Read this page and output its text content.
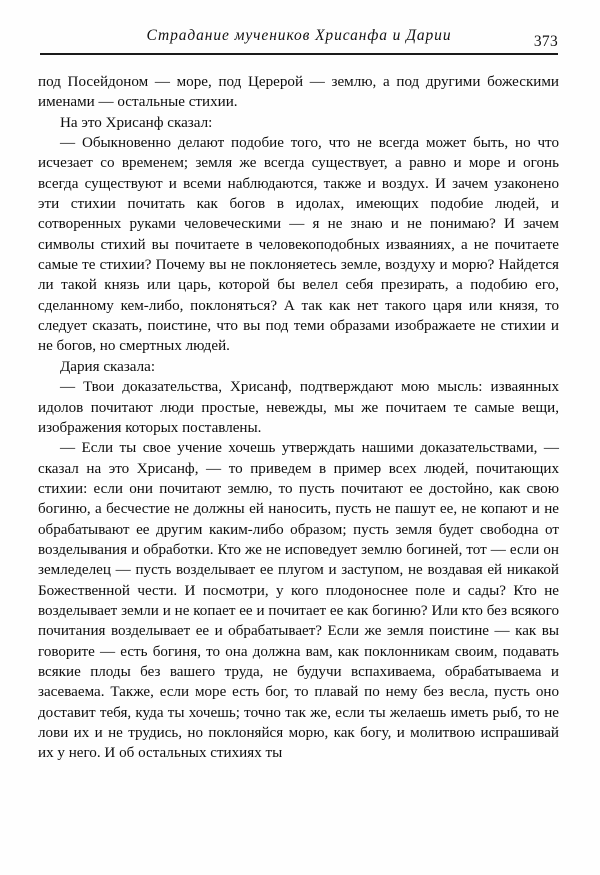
Страдание мучеников Хрисанфа и Дарии	373

под Посейдоном — море, под Церерой — землю, а под другими божескими именами — остальные стихии.

На это Хрисанф сказал:

— Обыкновенно делают подобие того, что не всегда может быть, но что исчезает со временем; земля же всегда существует, а равно и море и огонь всегда существуют и всеми наблюдаются, также и воздух. И зачем узаконено эти стихии почитать как богов в идолах, имеющих подобие людей, и сотворенных руками человеческими — я не знаю и не понимаю? И зачем символы стихий вы почитаете в человекоподобных изваяниях, а не почитаете самые те стихии? Почему вы не поклоняетесь земле, воздуху и морю? Найдется ли такой князь или царь, которой бы велел себя презирать, а подобию его, сделанному кем-либо, поклоняться? А так как нет такого царя или князя, то следует сказать, поистине, что вы под теми образами изображаете не стихии и не богов, но смертных людей.

Дария сказала:

— Твои доказательства, Хрисанф, подтверждают мою мысль: изваянных идолов почитают люди простые, невежды, мы же почитаем те самые вещи, изображения которых поставлены.

— Если ты свое учение хочешь утверждать нашими доказательствами, — сказал на это Хрисанф, — то приведем в пример всех людей, почитающих стихии: если они почитают землю, то пусть почитают ее достойно, как свою богиню, а бесчестие не должны ей наносить, пусть не пашут ее, не копают и не обрабатывают ее другим каким-либо образом; пусть земля будет свободна от возделывания и обработки. Кто же не исповедует землю богиней, тот — если он земледелец — пусть возделывает ее плугом и заступом, не воздавая ей никакой Божественной чести. И посмотри, у кого плодоноснее поле и сады? Кто не возделывает земли и не копает ее и почитает ее как богиню? Или кто без всякого почитания возделывает ее и обрабатывает? Если же земля поистине — как вы говорите — есть богиня, то она должна вам, как поклонникам своим, подавать всякие плоды без вашего труда, не будучи вспахиваема, обрабатываема и засеваема. Также, если море есть бог, то плавай по нему без весла, пусть оно доставит тебя, куда ты хочешь; точно так же, если ты желаешь иметь рыб, то не лови их и не трудись, но поклоняйся морю, как богу, и молитвою испрашивай их у него. И об остальных стихиях ты
